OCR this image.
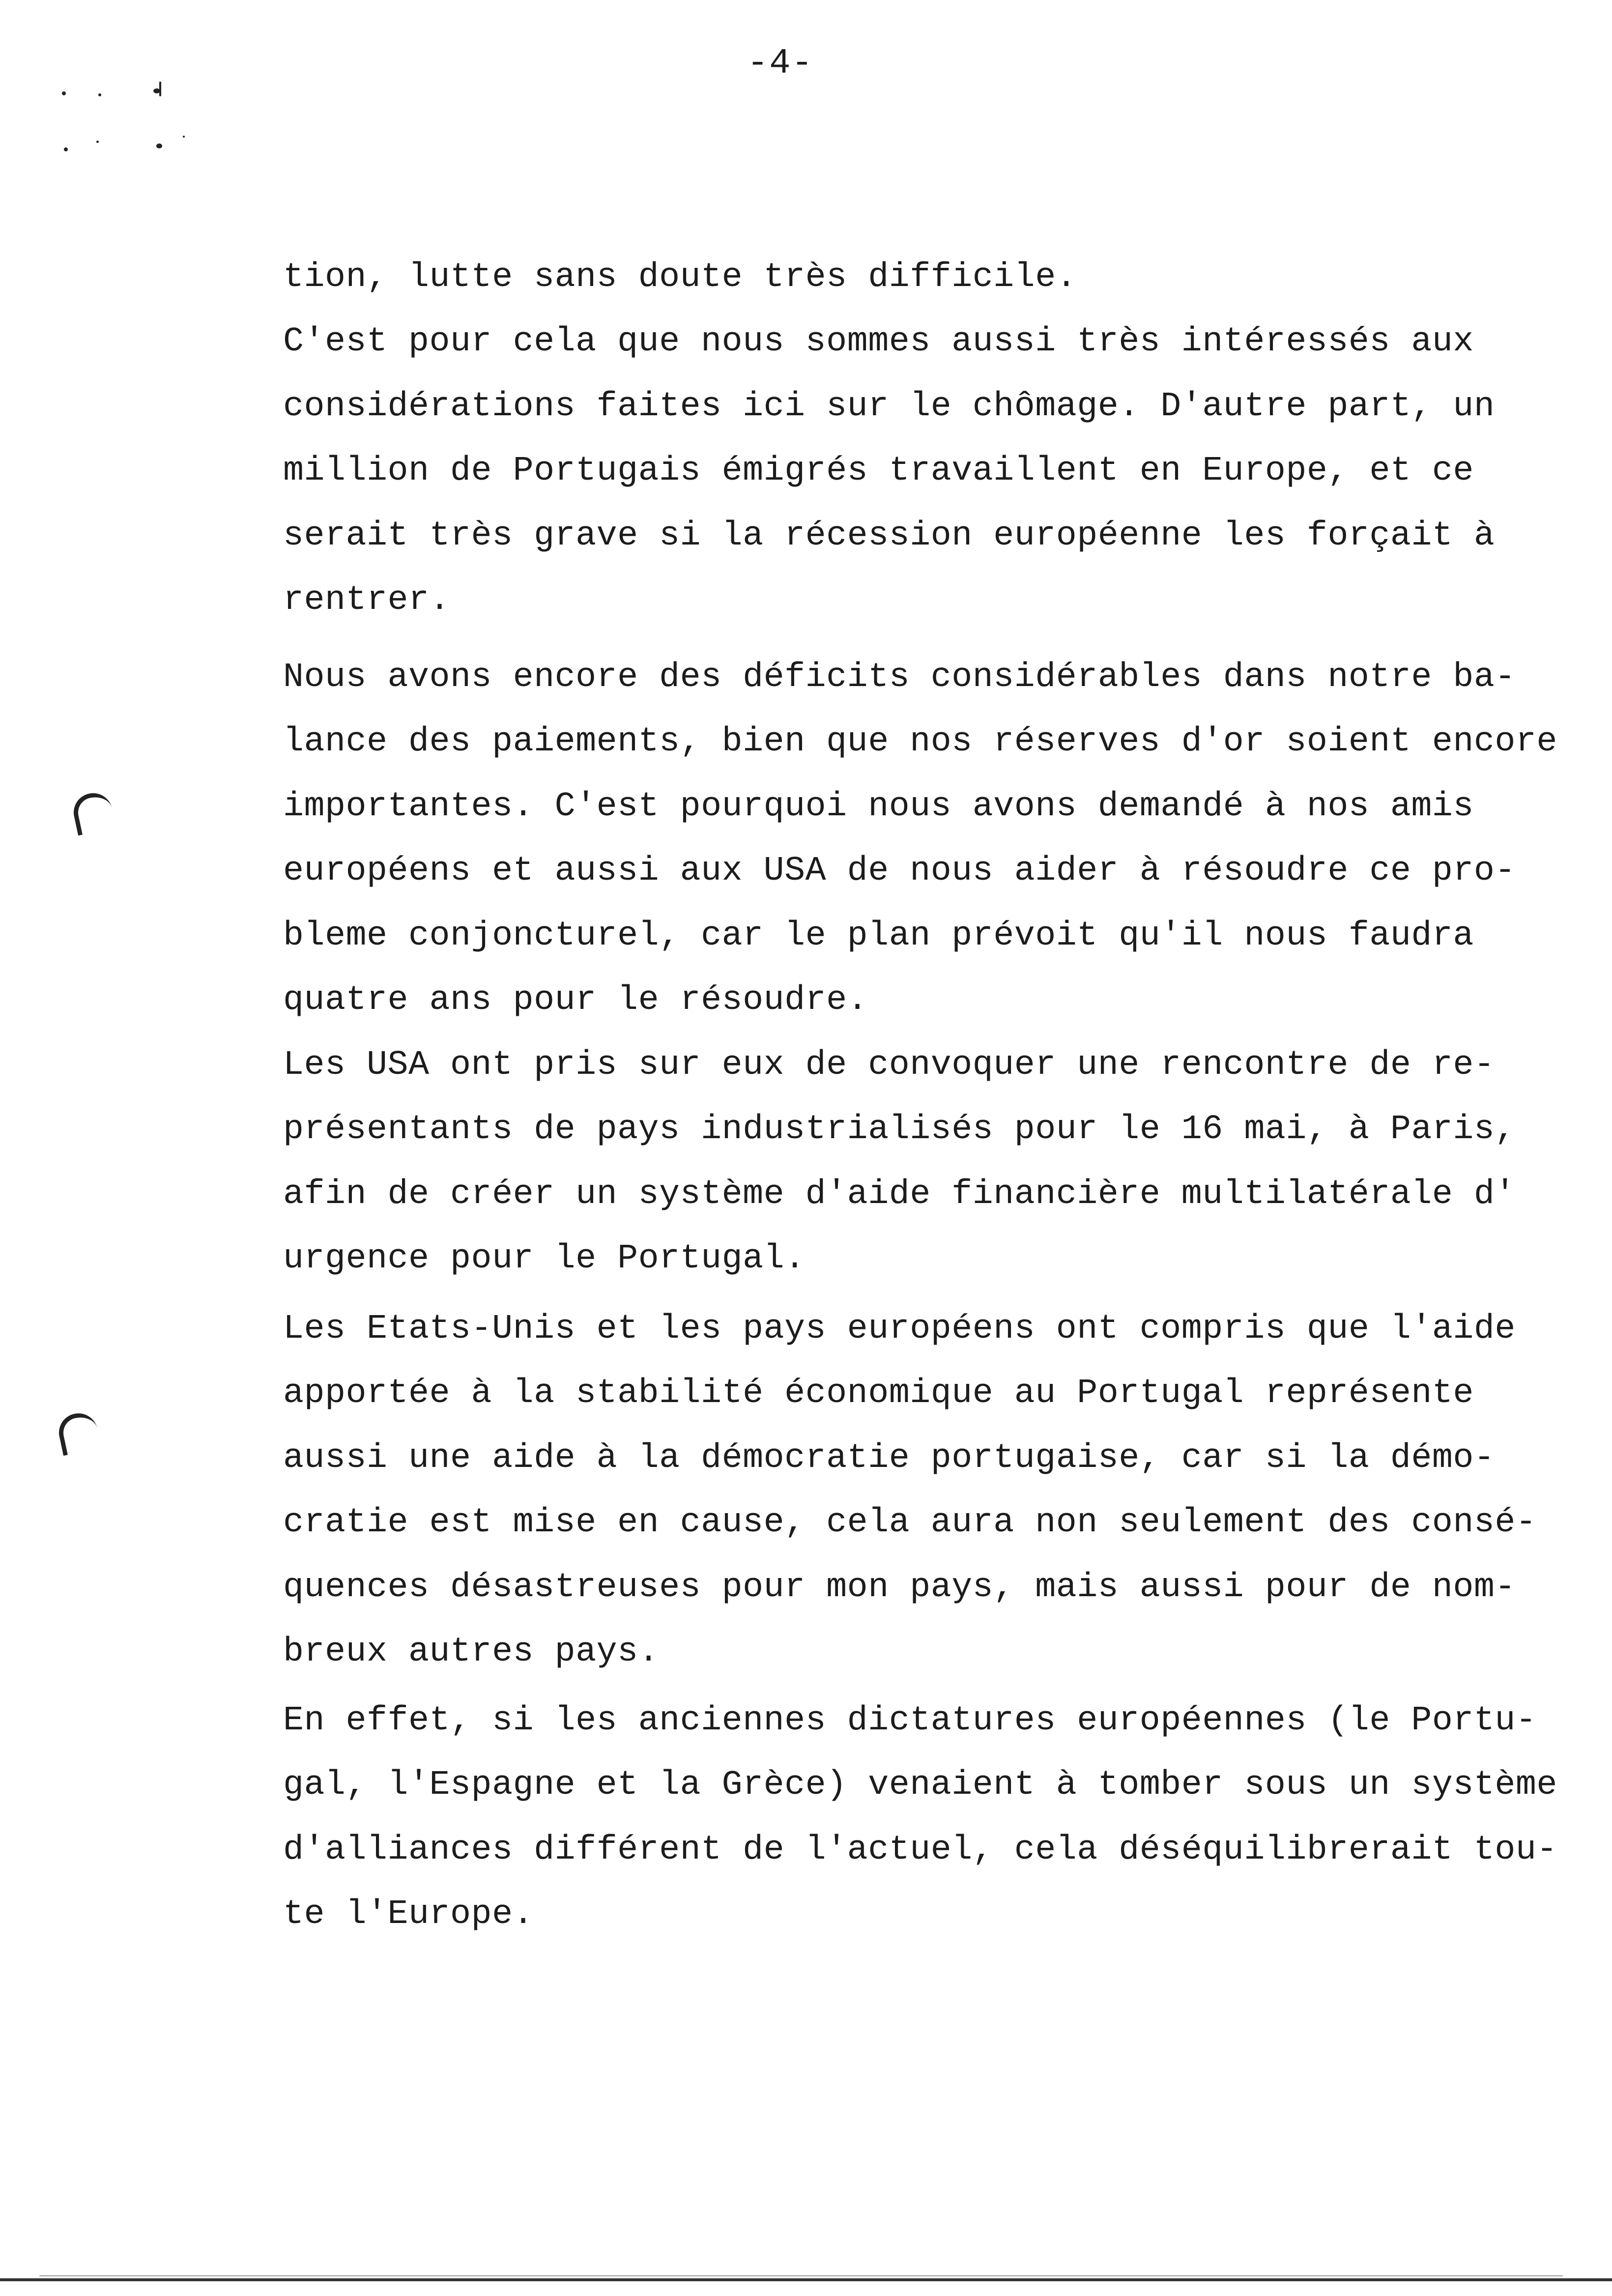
-4-
tion, lutte sans doute très difficile.
C'est pour cela que nous sommes aussi très intéressés aux
considérations faites ici sur le chômage. D'autre part, un
million de Portugais émigrés travaillent en Europe, et ce
serait très grave si la récession européenne les forçait à
rentrer.
Nous avons encore des déficits considérables dans notre ba-
lance des paiements, bien que nos réserves d'or soient encore
importantes. C'est pourquoi nous avons demandé à nos amis
européens et aussi aux USA de nous aider à résoudre ce pro-
bleme conjoncturel, car le plan prévoit qu'il nous faudra
quatre ans pour le résoudre.
Les USA ont pris sur eux de convoquer une rencontre de re-
présentants de pays industrialisés pour le 16 mai, à Paris,
afin de créer un système d'aide financière multilatérale d'
urgence pour le Portugal.
Les Etats-Unis et les pays européens ont compris que l'aide
apportée à la stabilité économique au Portugal représente
aussi une aide à la démocratie portugaise, car si la démo-
cratie est mise en cause, cela aura non seulement des consé-
quences désastreuses pour mon pays, mais aussi pour de nom-
breux autres pays.
En effet, si les anciennes dictatures européennes (le Portu-
gal, l'Espagne et la Grèce) venaient à tomber sous un système
d'alliances différent de l'actuel, cela déséquilibrerait tou-
te l'Europe.
